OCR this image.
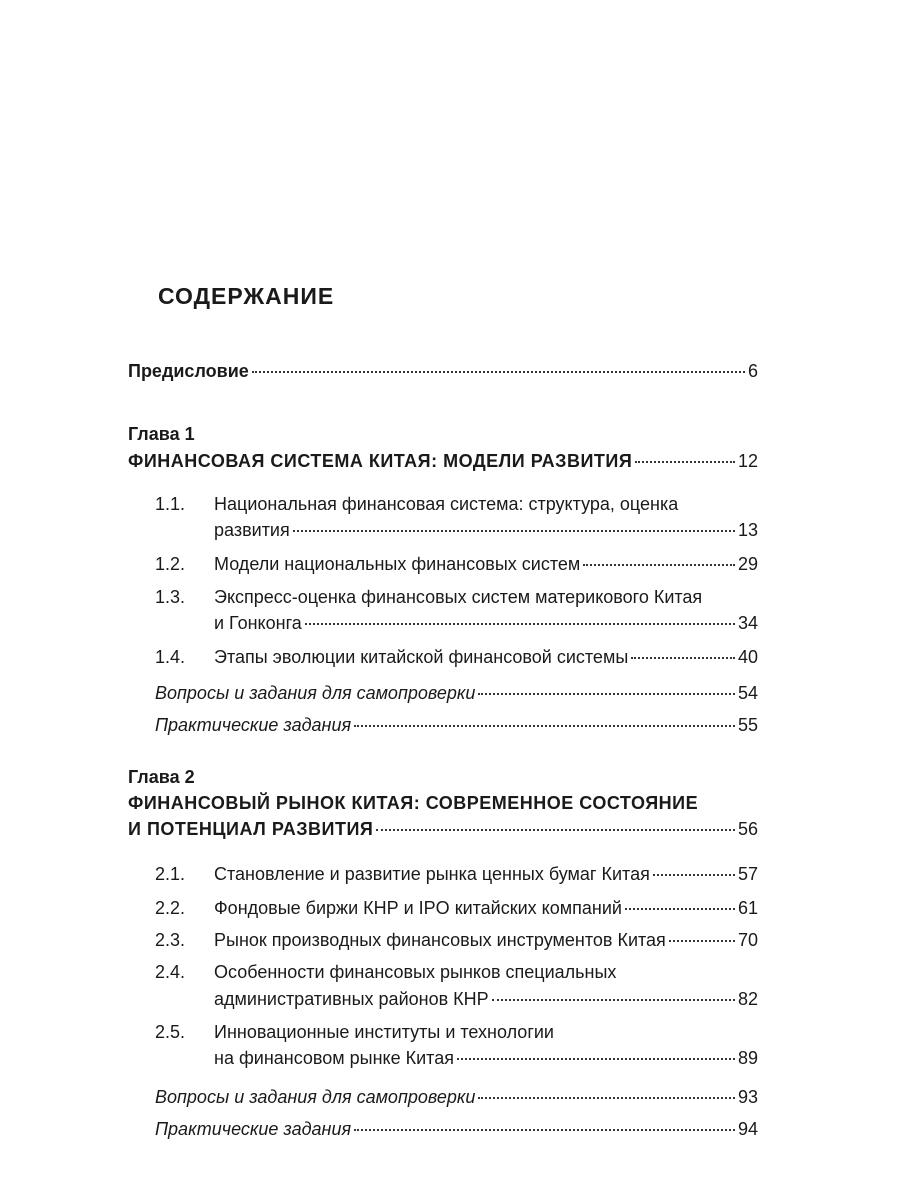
СОДЕРЖАНИЕ
Предисловие	6
Глава 1
ФИНАНСОВАЯ СИСТЕМА КИТАЯ: МОДЕЛИ РАЗВИТИЯ	12
1.1. Национальная финансовая система: структура, оценка
развития	13
1.2. Модели национальных финансовых систем	29
1.3. Экспресс-оценка финансовых систем материкового Китая
и Гонконга	34
1.4. Этапы эволюции китайской финансовой системы	40
Вопросы и задания для самопроверки	54
Практические задания	55
Глава 2
ФИНАНСОВЫЙ РЫНОК КИТАЯ: СОВРЕМЕННОЕ СОСТОЯНИЕ
И ПОТЕНЦИАЛ РАЗВИТИЯ	56
2.1. Становление и развитие рынка ценных бумаг Китая	57
2.2. Фондовые биржи КНР и IPO китайских компаний	61
2.3. Рынок производных финансовых инструментов Китая	70
2.4. Особенности финансовых рынков специальных
административных районов КНР	82
2.5. Инновационные институты и технологии
на финансовом рынке Китая	89
Вопросы и задания для самопроверки	93
Практические задания	94
